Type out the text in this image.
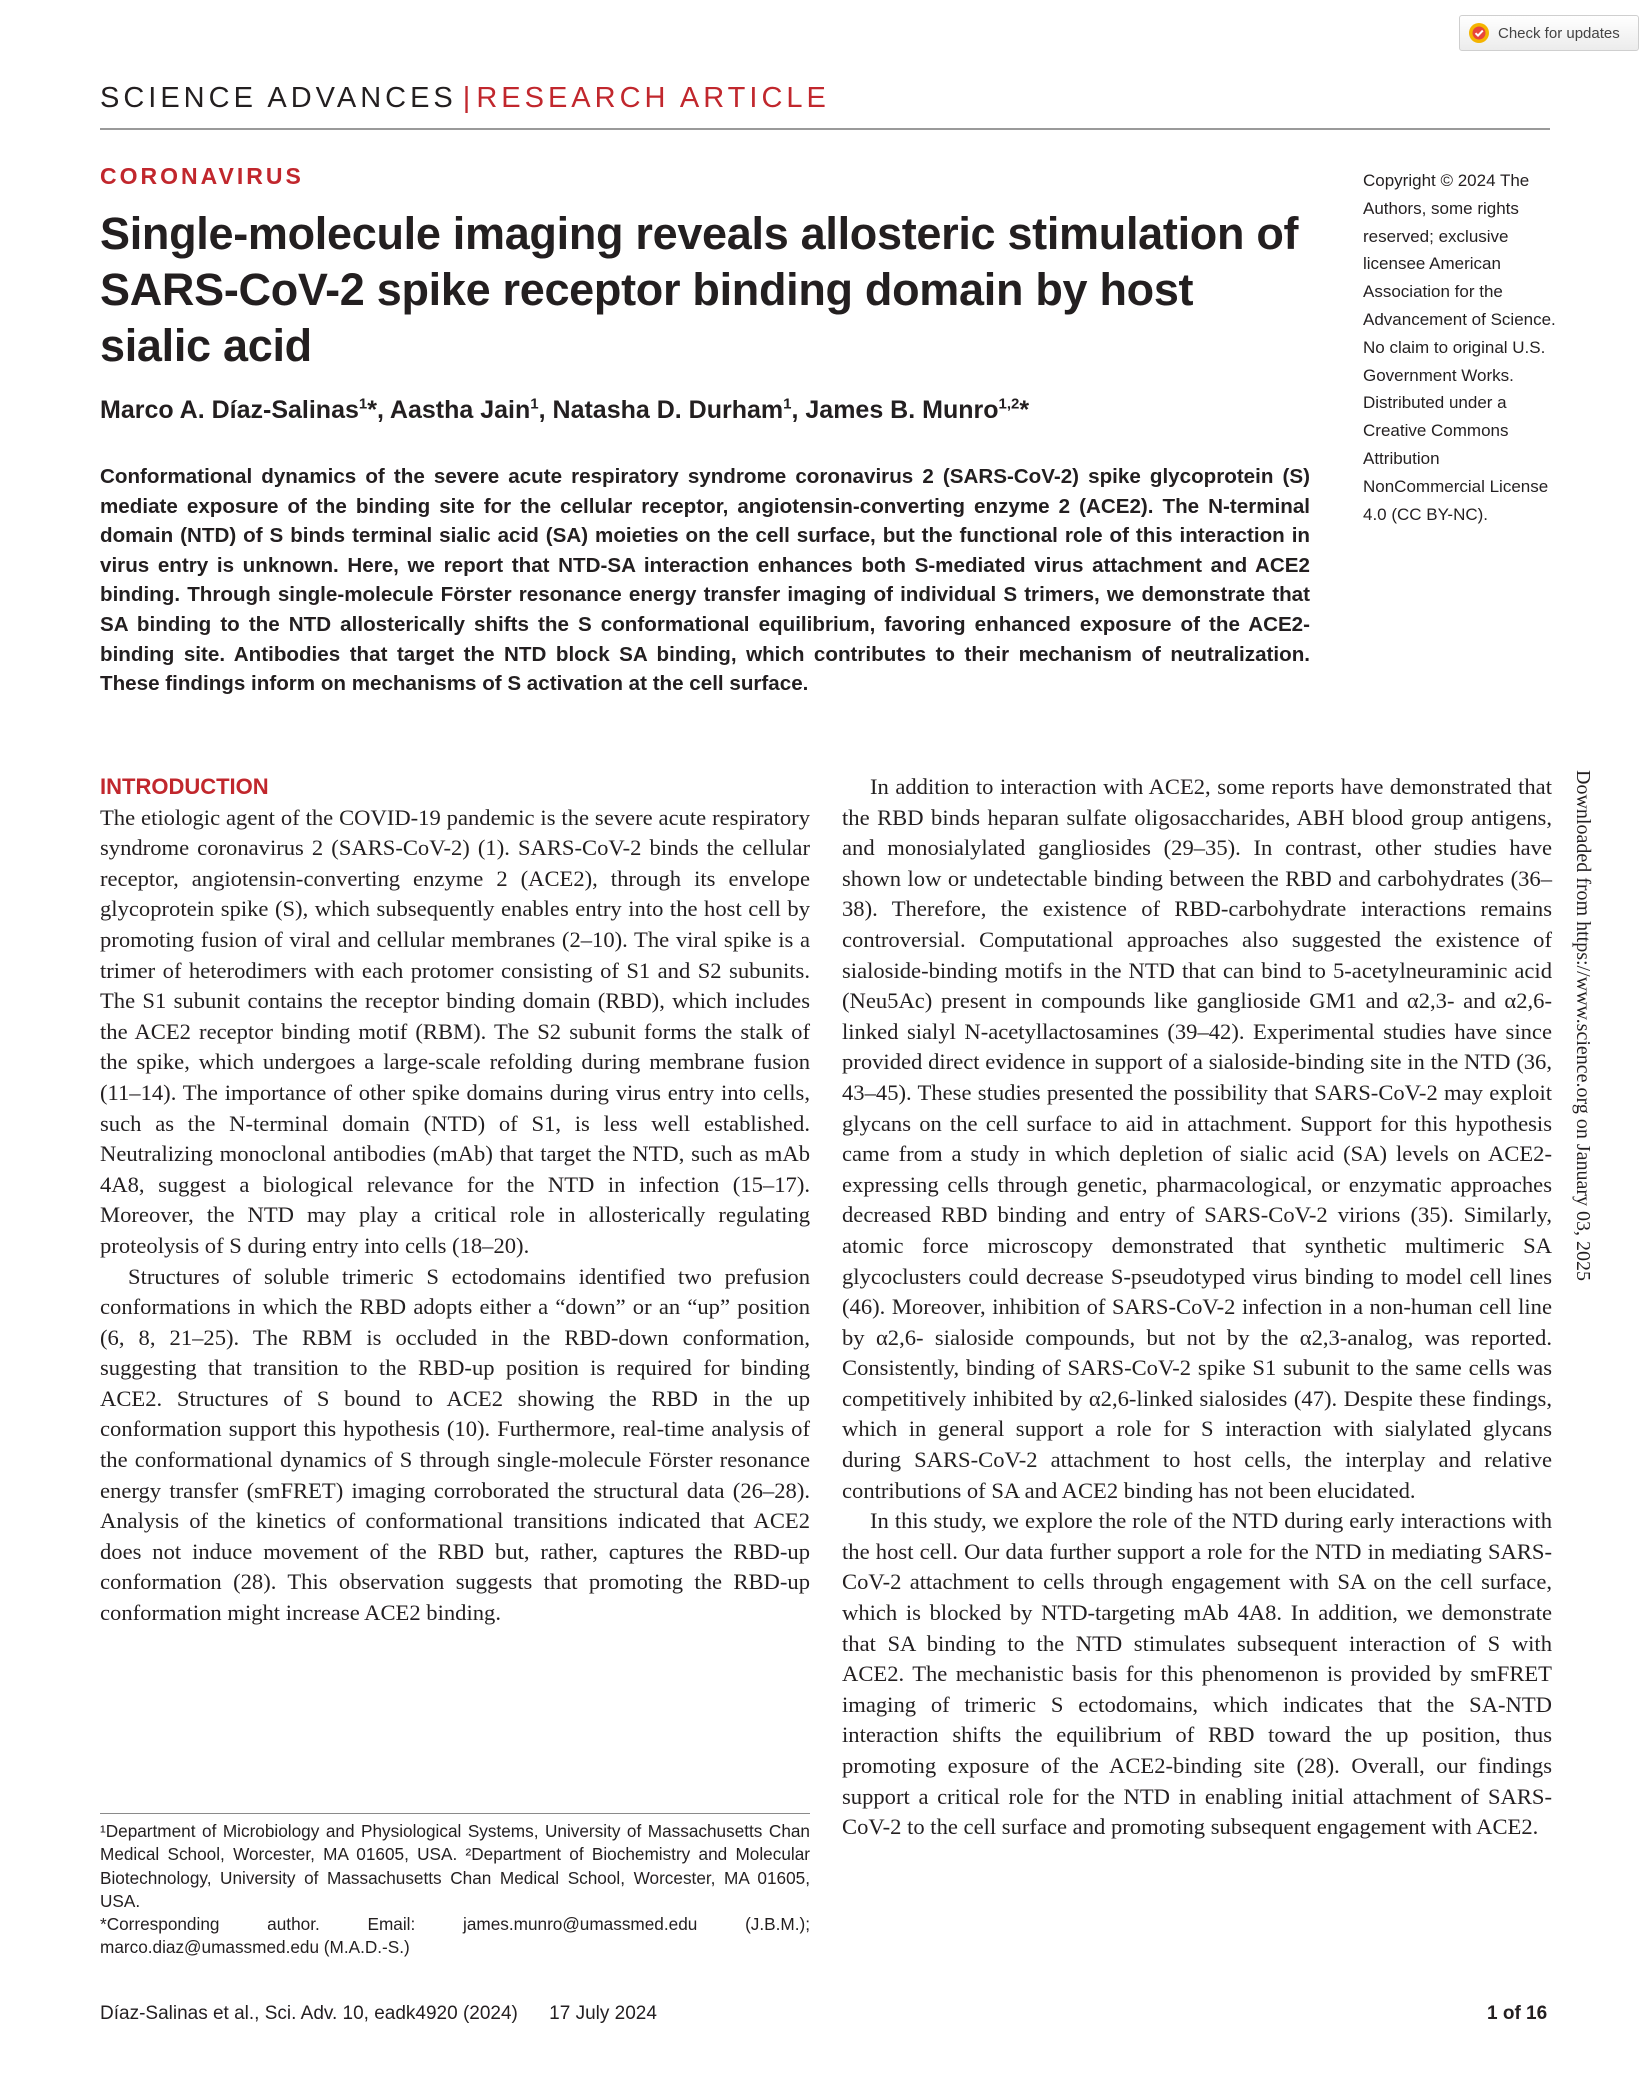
Check for updates
SCIENCE ADVANCES | RESEARCH ARTICLE
CORONAVIRUS
Single-molecule imaging reveals allosteric stimulation of SARS-CoV-2 spike receptor binding domain by host sialic acid
Marco A. Díaz-Salinas$^1$*, Aastha Jain$^1$, Natasha D. Durham$^1$, James B. Munro$^{1,2}$*
Conformational dynamics of the severe acute respiratory syndrome coronavirus 2 (SARS-CoV-2) spike glycoprotein (S) mediate exposure of the binding site for the cellular receptor, angiotensin-converting enzyme 2 (ACE2). The N-terminal domain (NTD) of S binds terminal sialic acid (SA) moieties on the cell surface, but the functional role of this interaction in virus entry is unknown. Here, we report that NTD-SA interaction enhances both S-mediated virus attachment and ACE2 binding. Through single-molecule Förster resonance energy transfer imaging of individual S trimers, we demonstrate that SA binding to the NTD allosterically shifts the S conformational equilibrium, favoring enhanced exposure of the ACE2-binding site. Antibodies that target the NTD block SA binding, which contributes to their mechanism of neutralization. These findings inform on mechanisms of S activation at the cell surface.
Copyright © 2024 The Authors, some rights reserved; exclusive licensee American Association for the Advancement of Science. No claim to original U.S. Government Works. Distributed under a Creative Commons Attribution NonCommercial License 4.0 (CC BY-NC).
Downloaded from https://www.science.org on January 03, 2025
INTRODUCTION

The etiologic agent of the COVID-19 pandemic is the severe acute respiratory syndrome coronavirus 2 (SARS-CoV-2) (1). SARS-CoV-2 binds the cellular receptor, angiotensin-converting enzyme 2 (ACE2), through its envelope glycoprotein spike (S), which subsequently enables entry into the host cell by promoting fusion of viral and cellular membranes (2–10). The viral spike is a trimer of heterodimers with each protomer consisting of S1 and S2 subunits. The S1 subunit contains the receptor binding domain (RBD), which includes the ACE2 receptor binding motif (RBM). The S2 subunit forms the stalk of the spike, which undergoes a large-scale refolding during membrane fusion (11–14). The importance of other spike domains during virus entry into cells, such as the N-terminal domain (NTD) of S1, is less well established. Neutralizing monoclonal antibodies (mAb) that target the NTD, such as mAb 4A8, suggest a biological relevance for the NTD in infection (15–17). Moreover, the NTD may play a critical role in allosterically regulating proteolysis of S during entry into cells (18–20).

Structures of soluble trimeric S ectodomains identified two prefusion conformations in which the RBD adopts either a “down” or an “up” position (6, 8, 21–25). The RBM is occluded in the RBD-down conformation, suggesting that transition to the RBD-up position is required for binding ACE2. Structures of S bound to ACE2 showing the RBD in the up conformation support this hypothesis (10). Furthermore, real-time analysis of the conformational dynamics of S through single-molecule Förster resonance energy transfer (smFRET) imaging corroborated the structural data (26–28). Analysis of the kinetics of conformational transitions indicated that ACE2 does not induce movement of the RBD but, rather, captures the RBD-up conformation (28). This observation suggests that promoting the RBD-up conformation might increase ACE2 binding.

In addition to interaction with ACE2, some reports have demonstrated that the RBD binds heparan sulfate oligosaccharides, ABH blood group antigens, and monosialylated gangliosides (29–35). In contrast, other studies have shown low or undetectable binding between the RBD and carbohydrates (36–38). Therefore, the existence of RBD-carbohydrate interactions remains controversial. Computational approaches also suggested the existence of sialoside-binding motifs in the NTD that can bind to 5-acetylneuraminic acid (Neu5Ac) present in compounds like ganglioside GM1 and α2,3- and α2,6-linked sialyl N-acetyllactosamines (39–42). Experimental studies have since provided direct evidence in support of a sialoside-binding site in the NTD (36, 43–45). These studies presented the possibility that SARS-CoV-2 may exploit glycans on the cell surface to aid in attachment. Support for this hypothesis came from a study in which depletion of sialic acid (SA) levels on ACE2-expressing cells through genetic, pharmacological, or enzymatic approaches decreased RBD binding and entry of SARS-CoV-2 virions (35). Similarly, atomic force microscopy demonstrated that synthetic multimeric SA glycoclusters could decrease S-pseudotyped virus binding to model cell lines (46). Moreover, inhibition of SARS-CoV-2 infection in a non-human cell line by α2,6- sialoside compounds, but not by the α2,3-analog, was reported. Consistently, binding of SARS-CoV-2 spike S1 subunit to the same cells was competitively inhibited by α2,6-linked sialosides (47). Despite these findings, which in general support a role for S interaction with sialylated glycans during SARS-CoV-2 attachment to host cells, the interplay and relative contributions of SA and ACE2 binding has not been elucidated.

In this study, we explore the role of the NTD during early interactions with the host cell. Our data further support a role for the NTD in mediating SARS-CoV-2 attachment to cells through engagement with SA on the cell surface, which is blocked by NTD-targeting mAb 4A8. In addition, we demonstrate that SA binding to the NTD stimulates subsequent interaction of S with ACE2. The mechanistic basis for this phenomenon is provided by smFRET imaging of trimeric S ectodomains, which indicates that the SA-NTD interaction shifts the equilibrium of RBD toward the up position, thus promoting exposure of the ACE2-binding site (28). Overall, our findings support a critical role for the NTD in enabling initial attachment of SARS-CoV-2 to the cell surface and promoting subsequent engagement with ACE2.

¹Department of Microbiology and Physiological Systems, University of Massachusetts Chan Medical School, Worcester, MA 01605, USA. ²Department of Biochemistry and Molecular Biotechnology, University of Massachusetts Chan Medical School, Worcester, MA 01605, USA.

*Corresponding author. Email: james.munro@umassmed.edu (J.B.M.); marco.diaz@umassmed.edu (M.A.D.-S.)

Díaz-Salinas et al., Sci. Adv. 10, eadk4920 (2024) 17 July 2024	1 of 16
